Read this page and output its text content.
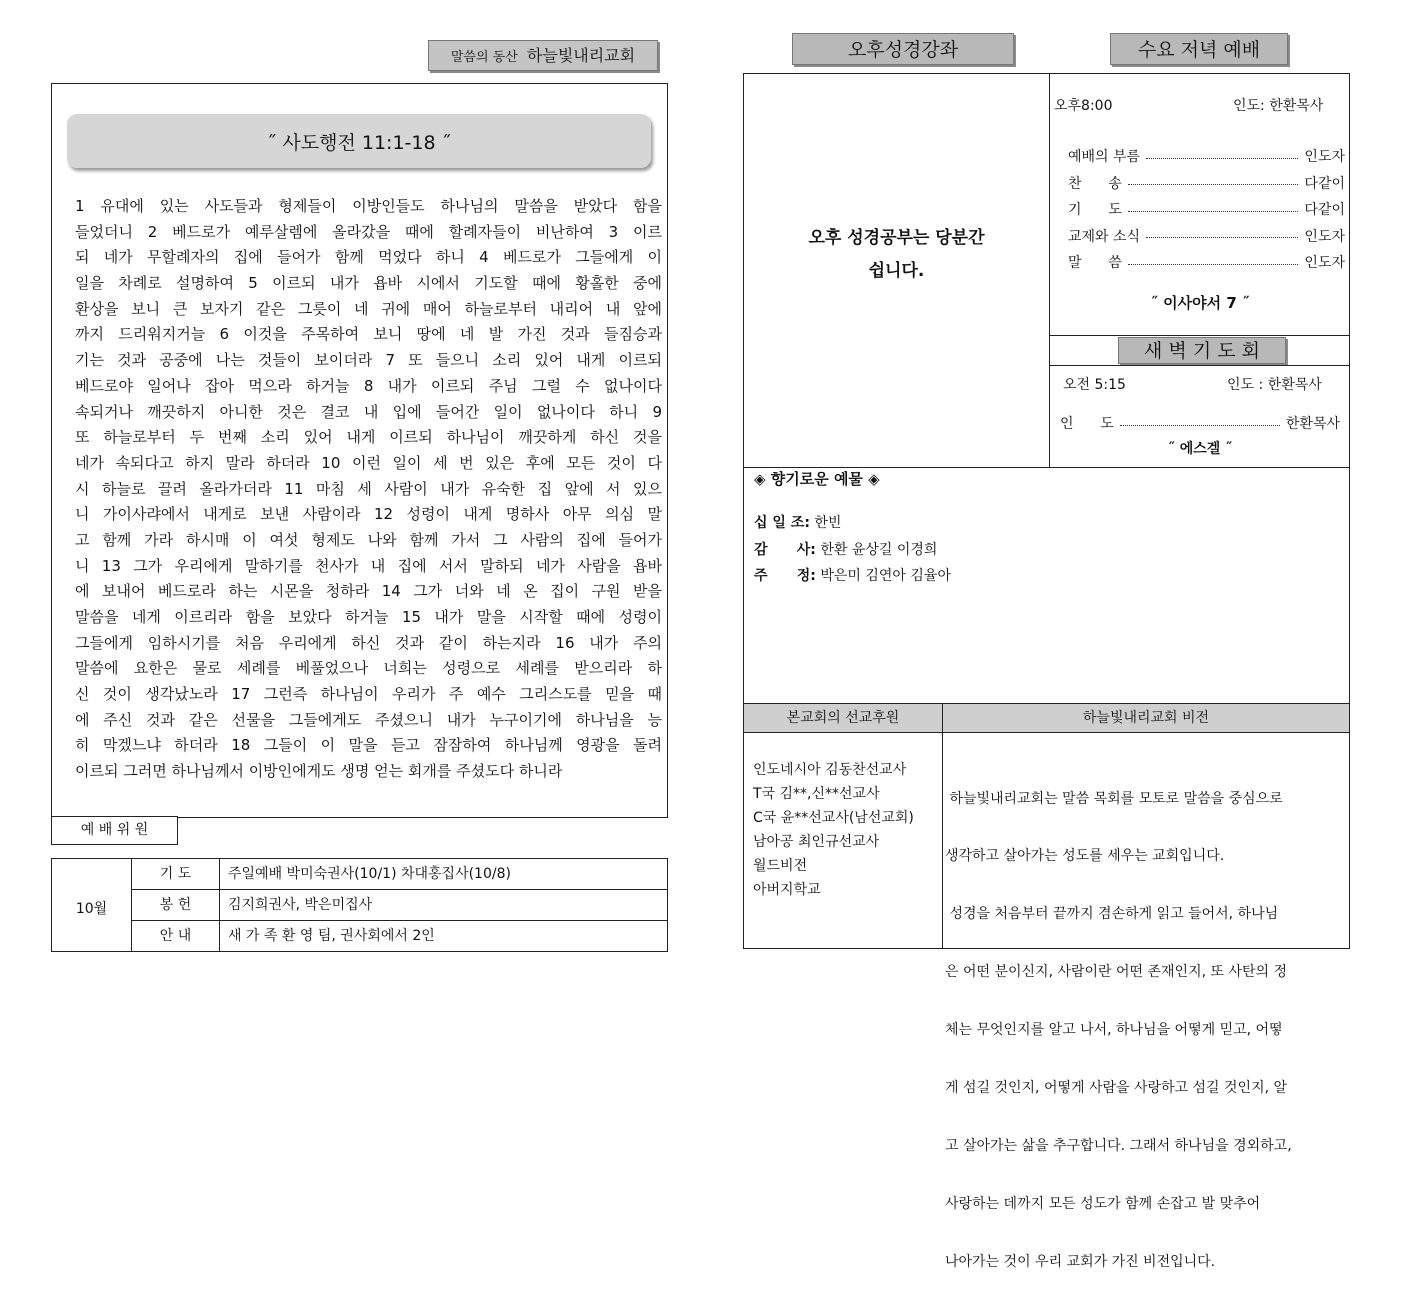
말씀의 동산 하늘빛내리교회
˝ 사도행전 11:1-18 ˝

1 유대에 있는 사도들과 형제들이 이방인들도 하나님의 말씀을 받았다 함을

들었더니 2 베드로가 예루살렘에 올라갔을 때에 할례자들이 비난하여 3 이르

되 네가 무할례자의 집에 들어가 함께 먹었다 하니 4 베드로가 그들에게 이

일을 차례로 설명하여 5 이르되 내가 욥바 시에서 기도할 때에 황홀한 중에

환상을 보니 큰 보자기 같은 그릇이 네 귀에 매어 하늘로부터 내리어 내 앞에

까지 드리워지거늘 6 이것을 주목하여 보니 땅에 네 발 가진 것과 들짐승과

기는 것과 공중에 나는 것들이 보이더라 7 또 들으니 소리 있어 내게 이르되

베드로야 일어나 잡아 먹으라 하거늘 8 내가 이르되 주님 그럴 수 없나이다

속되거나 깨끗하지 아니한 것은 결코 내 입에 들어간 일이 없나이다 하니 9

또 하늘로부터 두 번째 소리 있어 내게 이르되 하나님이 깨끗하게 하신 것을

네가 속되다고 하지 말라 하더라 10 이런 일이 세 번 있은 후에 모든 것이 다

시 하늘로 끌려 올라가더라 11 마침 세 사람이 내가 유숙한 집 앞에 서 있으

니 가이사랴에서 내게로 보낸 사람이라 12 성령이 내게 명하사 아무 의심 말

고 함께 가라 하시매 이 여섯 형제도 나와 함께 가서 그 사람의 집에 들어가

니 13 그가 우리에게 말하기를 천사가 내 집에 서서 말하되 네가 사람을 욥바

에 보내어 베드로라 하는 시몬을 청하라 14 그가 너와 네 온 집이 구원 받을

말씀을 네게 이르리라 함을 보았다 하거늘 15 내가 말을 시작할 때에 성령이

그들에게 임하시기를 처음 우리에게 하신 것과 같이 하는지라 16 내가 주의

말씀에 요한은 물로 세례를 베풀었으나 너희는 성령으로 세례를 받으리라 하

신 것이 생각났노라 17 그런즉 하나님이 우리가 주 예수 그리스도를 믿을 때

에 주신 것과 같은 선물을 그들에게도 주셨으니 내가 누구이기에 하나님을 능

히 막겠느냐 하더라 18 그들이 이 말을 듣고 잠잠하여 하나님께 영광을 돌려

이르되 그러면 하나님께서 이방인에게도 생명 얻는 회개를 주셨도다 하니라

예 배 위 원
10월
기 도	주일예배 박미숙권사(10/1) 차대홍집사(10/8)
봉 헌	김지희권사, 박은미집사
안 내	새 가 족 환 영 팀, 권사회에서 2인
오후성경강좌	수요 저녁 예배
오후 성경공부는 당분간
쉽니다.
오후8:00	인도: 한환목사
예배의 부름	인도자
찬      송	다같이
기      도	다같이
교제와 소식	인도자
말      씀	인도자
˝ 이사야서 7 ˝
새 벽 기 도 회
오전 5:15	인도 : 한환목사
인      도	한환목사
˝ 에스겔 ˝
◈ 향기로운 예물 ◈
십 일 조: 한빈
감      사: 한환 윤상길 이경희
주      정: 박은미 김연아 김율아
본교회의 선교후원	하늘빛내리교회 비전
인도네시아 김동찬선교사
T국 김**,신**선교사
C국 윤**선교사(남선교회)
남아공 최인규선교사
월드비전
아버지학교

하늘빛내리교회는 말씀 목회를 모토로 말씀을 중심으로

생각하고 살아가는 성도를 세우는 교회입니다.

성경을 처음부터 끝까지 겸손하게 읽고 들어서, 하나님

은 어떤 분이신지, 사람이란 어떤 존재인지, 또 사탄의 정

체는 무엇인지를 알고 나서, 하나님을 어떻게 믿고, 어떻

게 섬길 것인지, 어떻게 사람을 사랑하고 섬길 것인지, 알

고 살아가는 삶을 추구합니다. 그래서 하나님을 경외하고,

사랑하는 데까지 모든 성도가 함께 손잡고 발 맞추어

나아가는 것이 우리 교회가 가진 비전입니다.
